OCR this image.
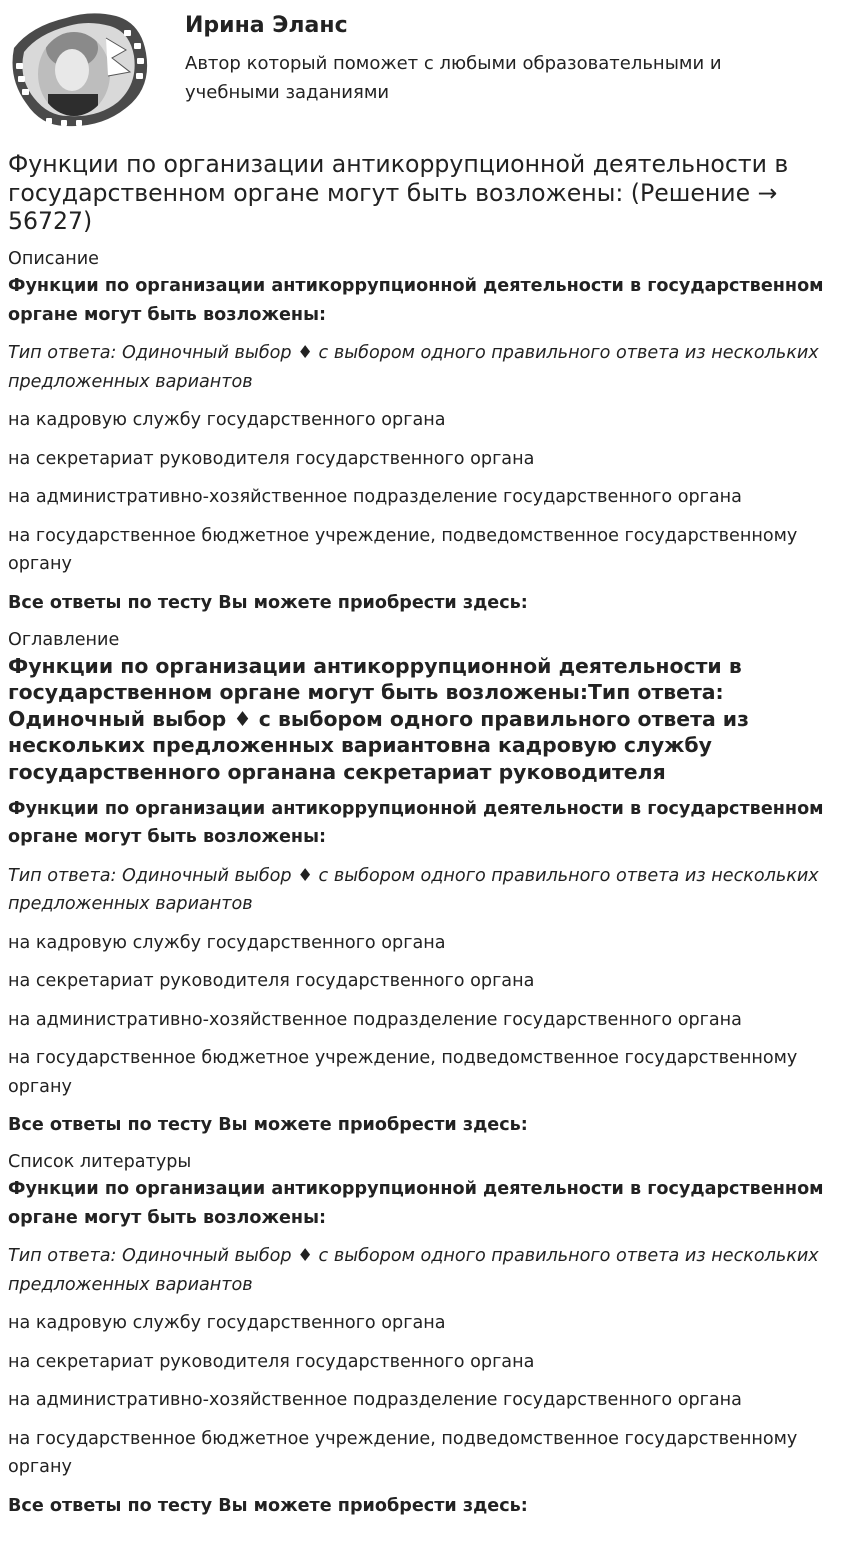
Ирина Эланс
Автор который поможет с любыми образовательными и учебными заданиями
Функции по организации антикоррупционной деятельности в государственном органе могут быть возложены: (Решение → 56727)
Описание

Функции по организации антикоррупционной деятельности в государственном органе могут быть возложены:

Тип ответа: Одиночный выбор ♦ с выбором одного правильного ответа из нескольких предложенных вариантов

на кадровую службу государственного органа

на секретариат руководителя государственного органа

на административно-хозяйственное подразделение государственного органа

на государственное бюджетное учреждение, подведомственное государственному органу

Все ответы по тесту Вы можете приобрести здесь:

Оглавление

Функции по организации антикоррупционной деятельности в государственном органе могут быть возложены:Тип ответа: Одиночный выбор ♦ с выбором одного правильного ответа из нескольких предложенных вариантовна кадровую службу государственного органана секретариат руководителя

Функции по организации антикоррупционной деятельности в государственном органе могут быть возложены:

Тип ответа: Одиночный выбор ♦ с выбором одного правильного ответа из нескольких предложенных вариантов

на кадровую службу государственного органа

на секретариат руководителя государственного органа

на административно-хозяйственное подразделение государственного органа

на государственное бюджетное учреждение, подведомственное государственному органу

Все ответы по тесту Вы можете приобрести здесь:

Список литературы

Функции по организации антикоррупционной деятельности в государственном органе могут быть возложены:

Тип ответа: Одиночный выбор ♦ с выбором одного правильного ответа из нескольких предложенных вариантов

на кадровую службу государственного органа

на секретариат руководителя государственного органа

на административно-хозяйственное подразделение государственного органа

на государственное бюджетное учреждение, подведомственное государственному органу

Все ответы по тесту Вы можете приобрести здесь:
